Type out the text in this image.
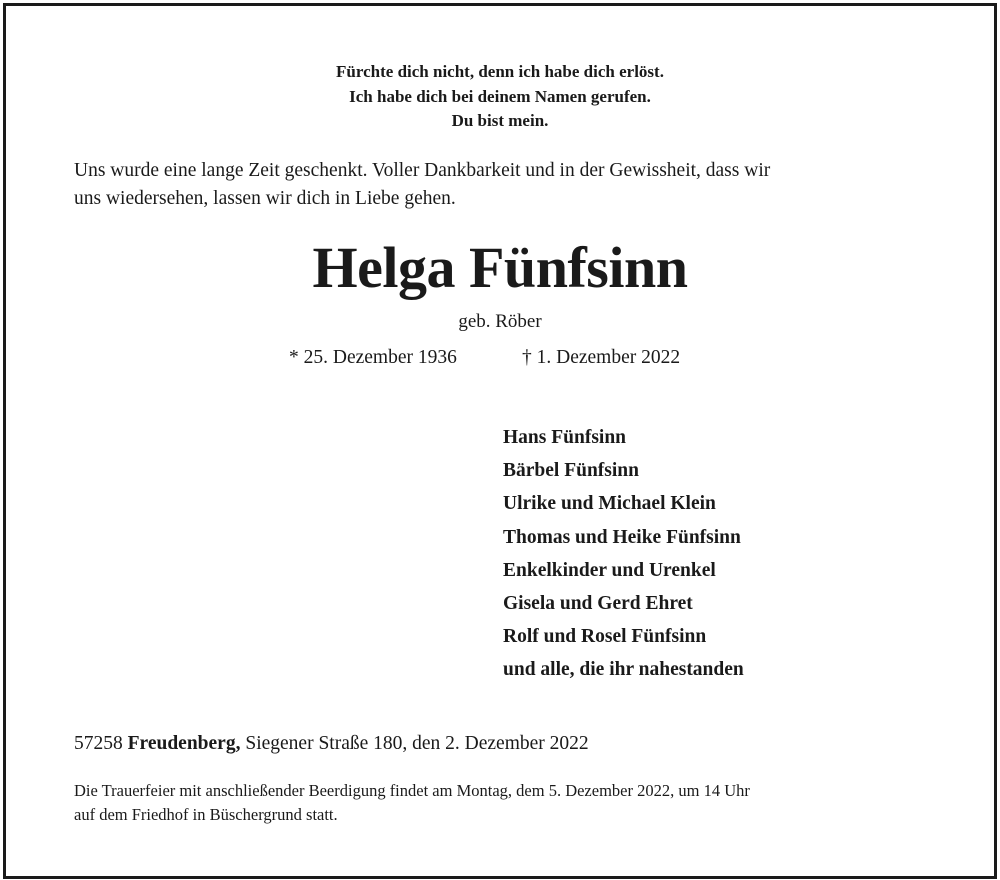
Fürchte dich nicht, denn ich habe dich erlöst.
Ich habe dich bei deinem Namen gerufen.
Du bist mein.
Uns wurde eine lange Zeit geschenkt. Voller Dankbarkeit und in der Gewissheit, dass wir
uns wiedersehen, lassen wir dich in Liebe gehen.
Helga Fünfsinn
geb. Röber
* 25. Dezember 1936	† 1. Dezember 2022
Hans Fünfsinn
Bärbel Fünfsinn
Ulrike und Michael Klein
Thomas und Heike Fünfsinn
Enkelkinder und Urenkel
Gisela und Gerd Ehret
Rolf und Rosel Fünfsinn
und alle, die ihr nahestanden
57258 Freudenberg, Siegener Straße 180, den 2. Dezember 2022
Die Trauerfeier mit anschließender Beerdigung findet am Montag, dem 5. Dezember 2022, um 14 Uhr
auf dem Friedhof in Büschergrund statt.
